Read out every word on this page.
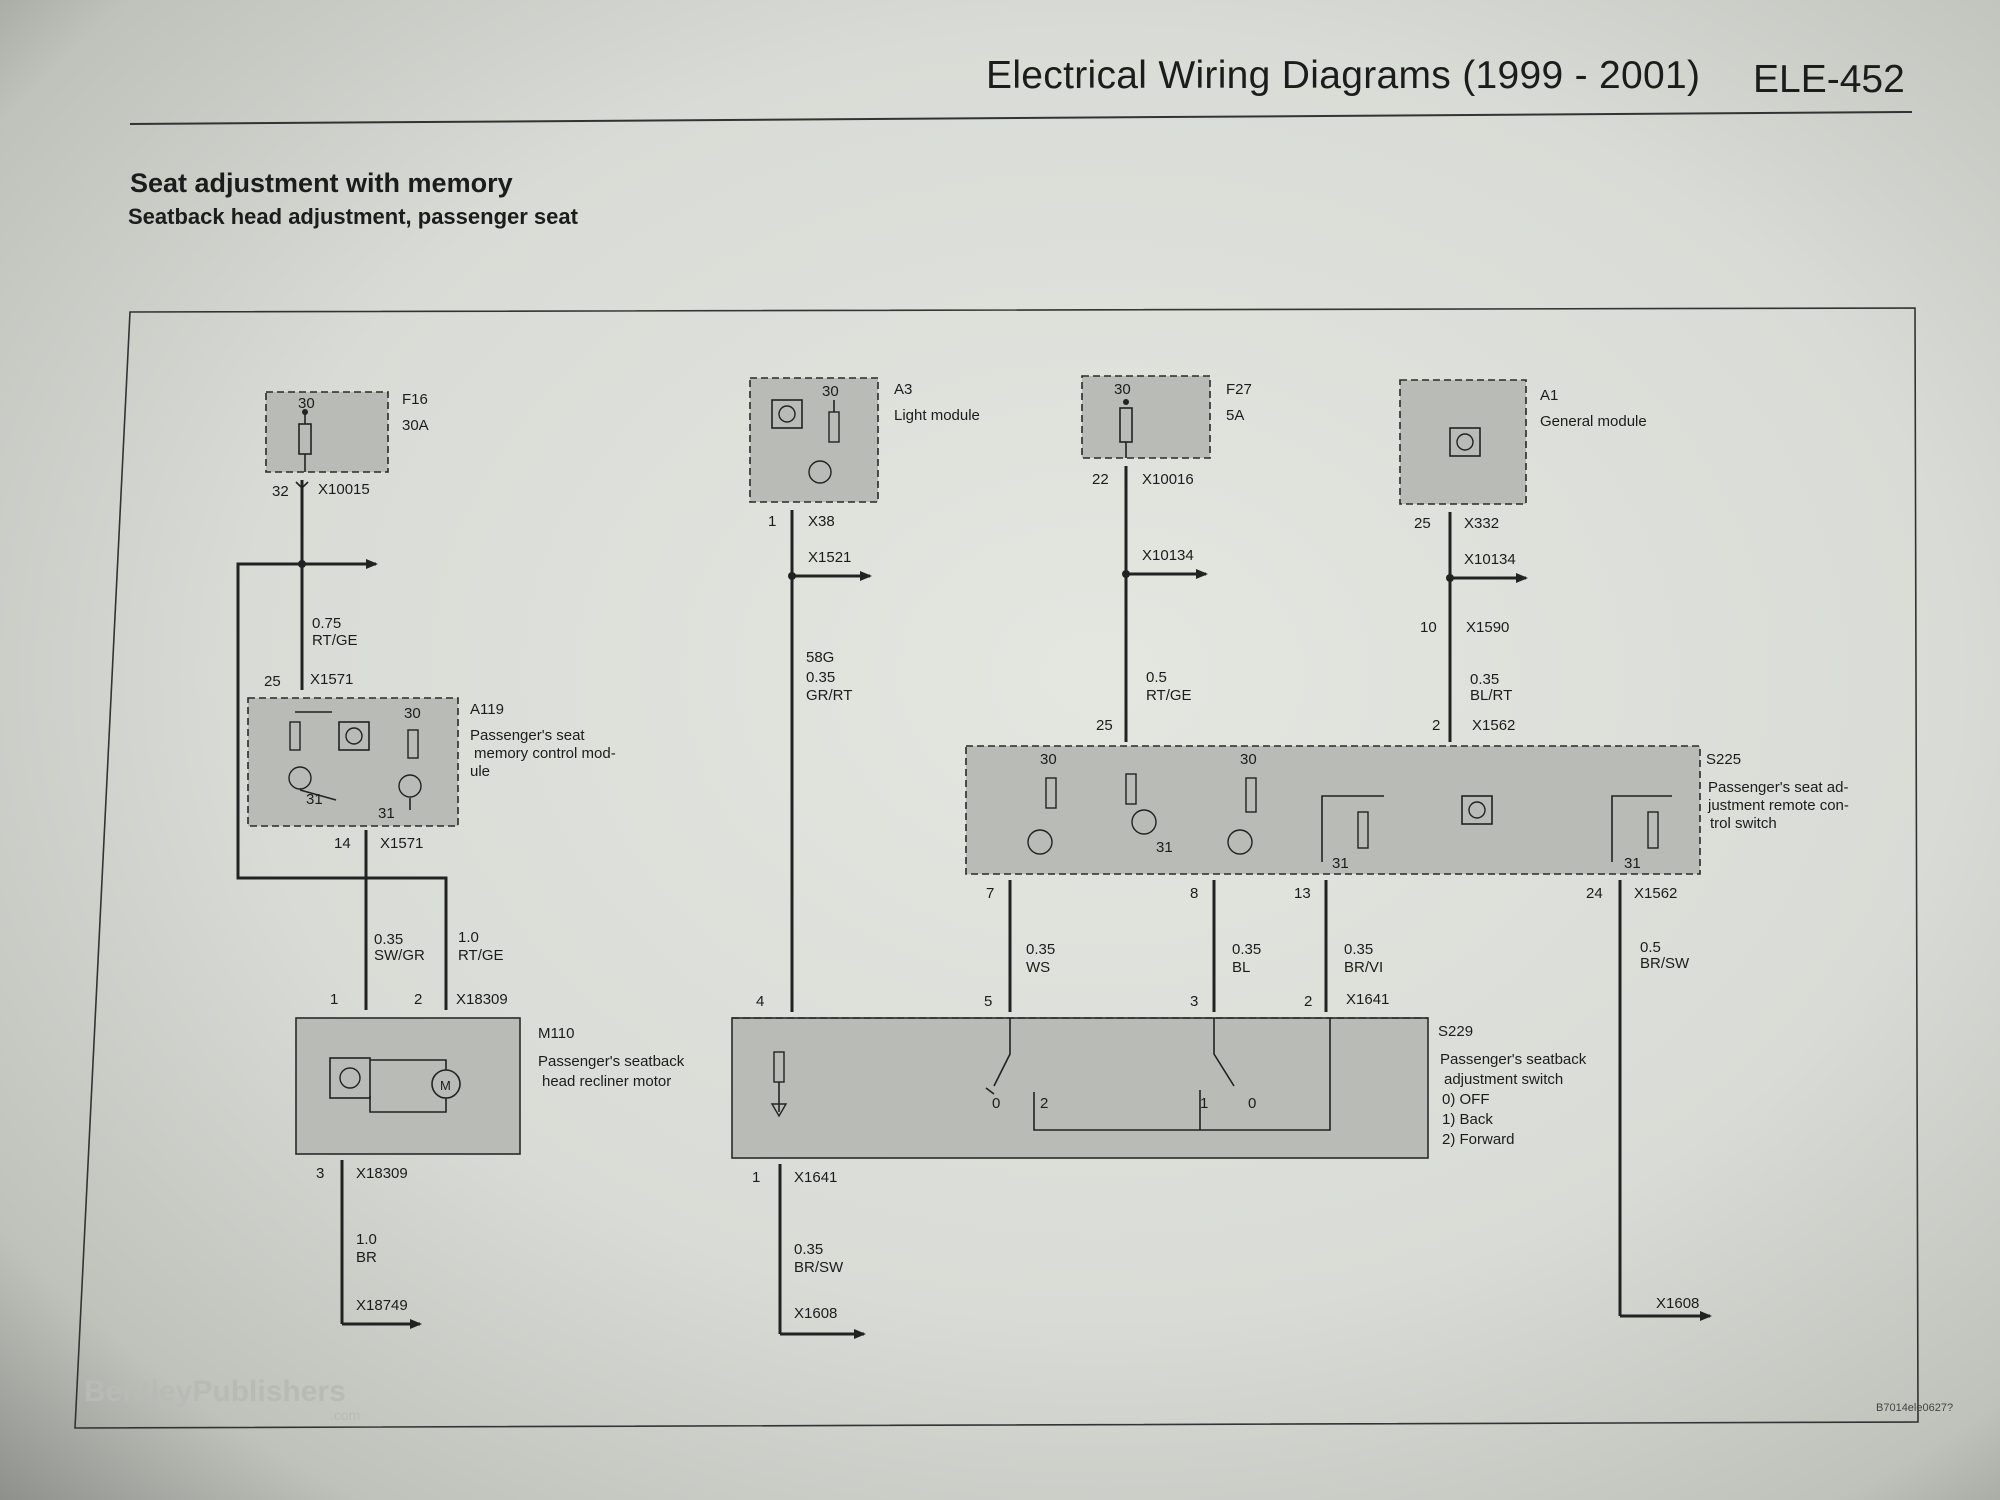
Electrical Wiring Diagrams (1999 - 2001) ELE-452
Seat adjustment with memory
Seatback head adjustment, passenger seat
30	F16
30A
32 X10015
0.75
RT/GE
25 X1571
30
31
31
A119
Passenger's seat
memory control mod-
ule
14 X1571
0.35
SW/GR
1.0
RT/GE
1	2 X18309
M
M110
Passenger's seatback
head recliner motor
3 X18309
1.0
BR
X18749
30	A3
Light module
1 X38
X1521
58G
0.35
GR/RT
4
30	F27
5A
22 X10016
X10134
0.5
RT/GE
25
A1
General module
25 X332
X10134
10 X1590
0.35
BL/RT
2 X1562
30	30
31
31	31
S225
Passenger's seat ad-
justment remote con-
trol switch
7	8	13	24 X1562
0.35
WS
0.35
BL
0.35
BR/VI
0.5
BR/SW
5	3	2 X1641
X1608
0	2	1	0
S229
Passenger's seatback
adjustment switch
0) OFF
1) Back
2) Forward
1 X1641
0.35
BR/SW
X1608
BentleyPublishers
.com	B7014ele0627?
